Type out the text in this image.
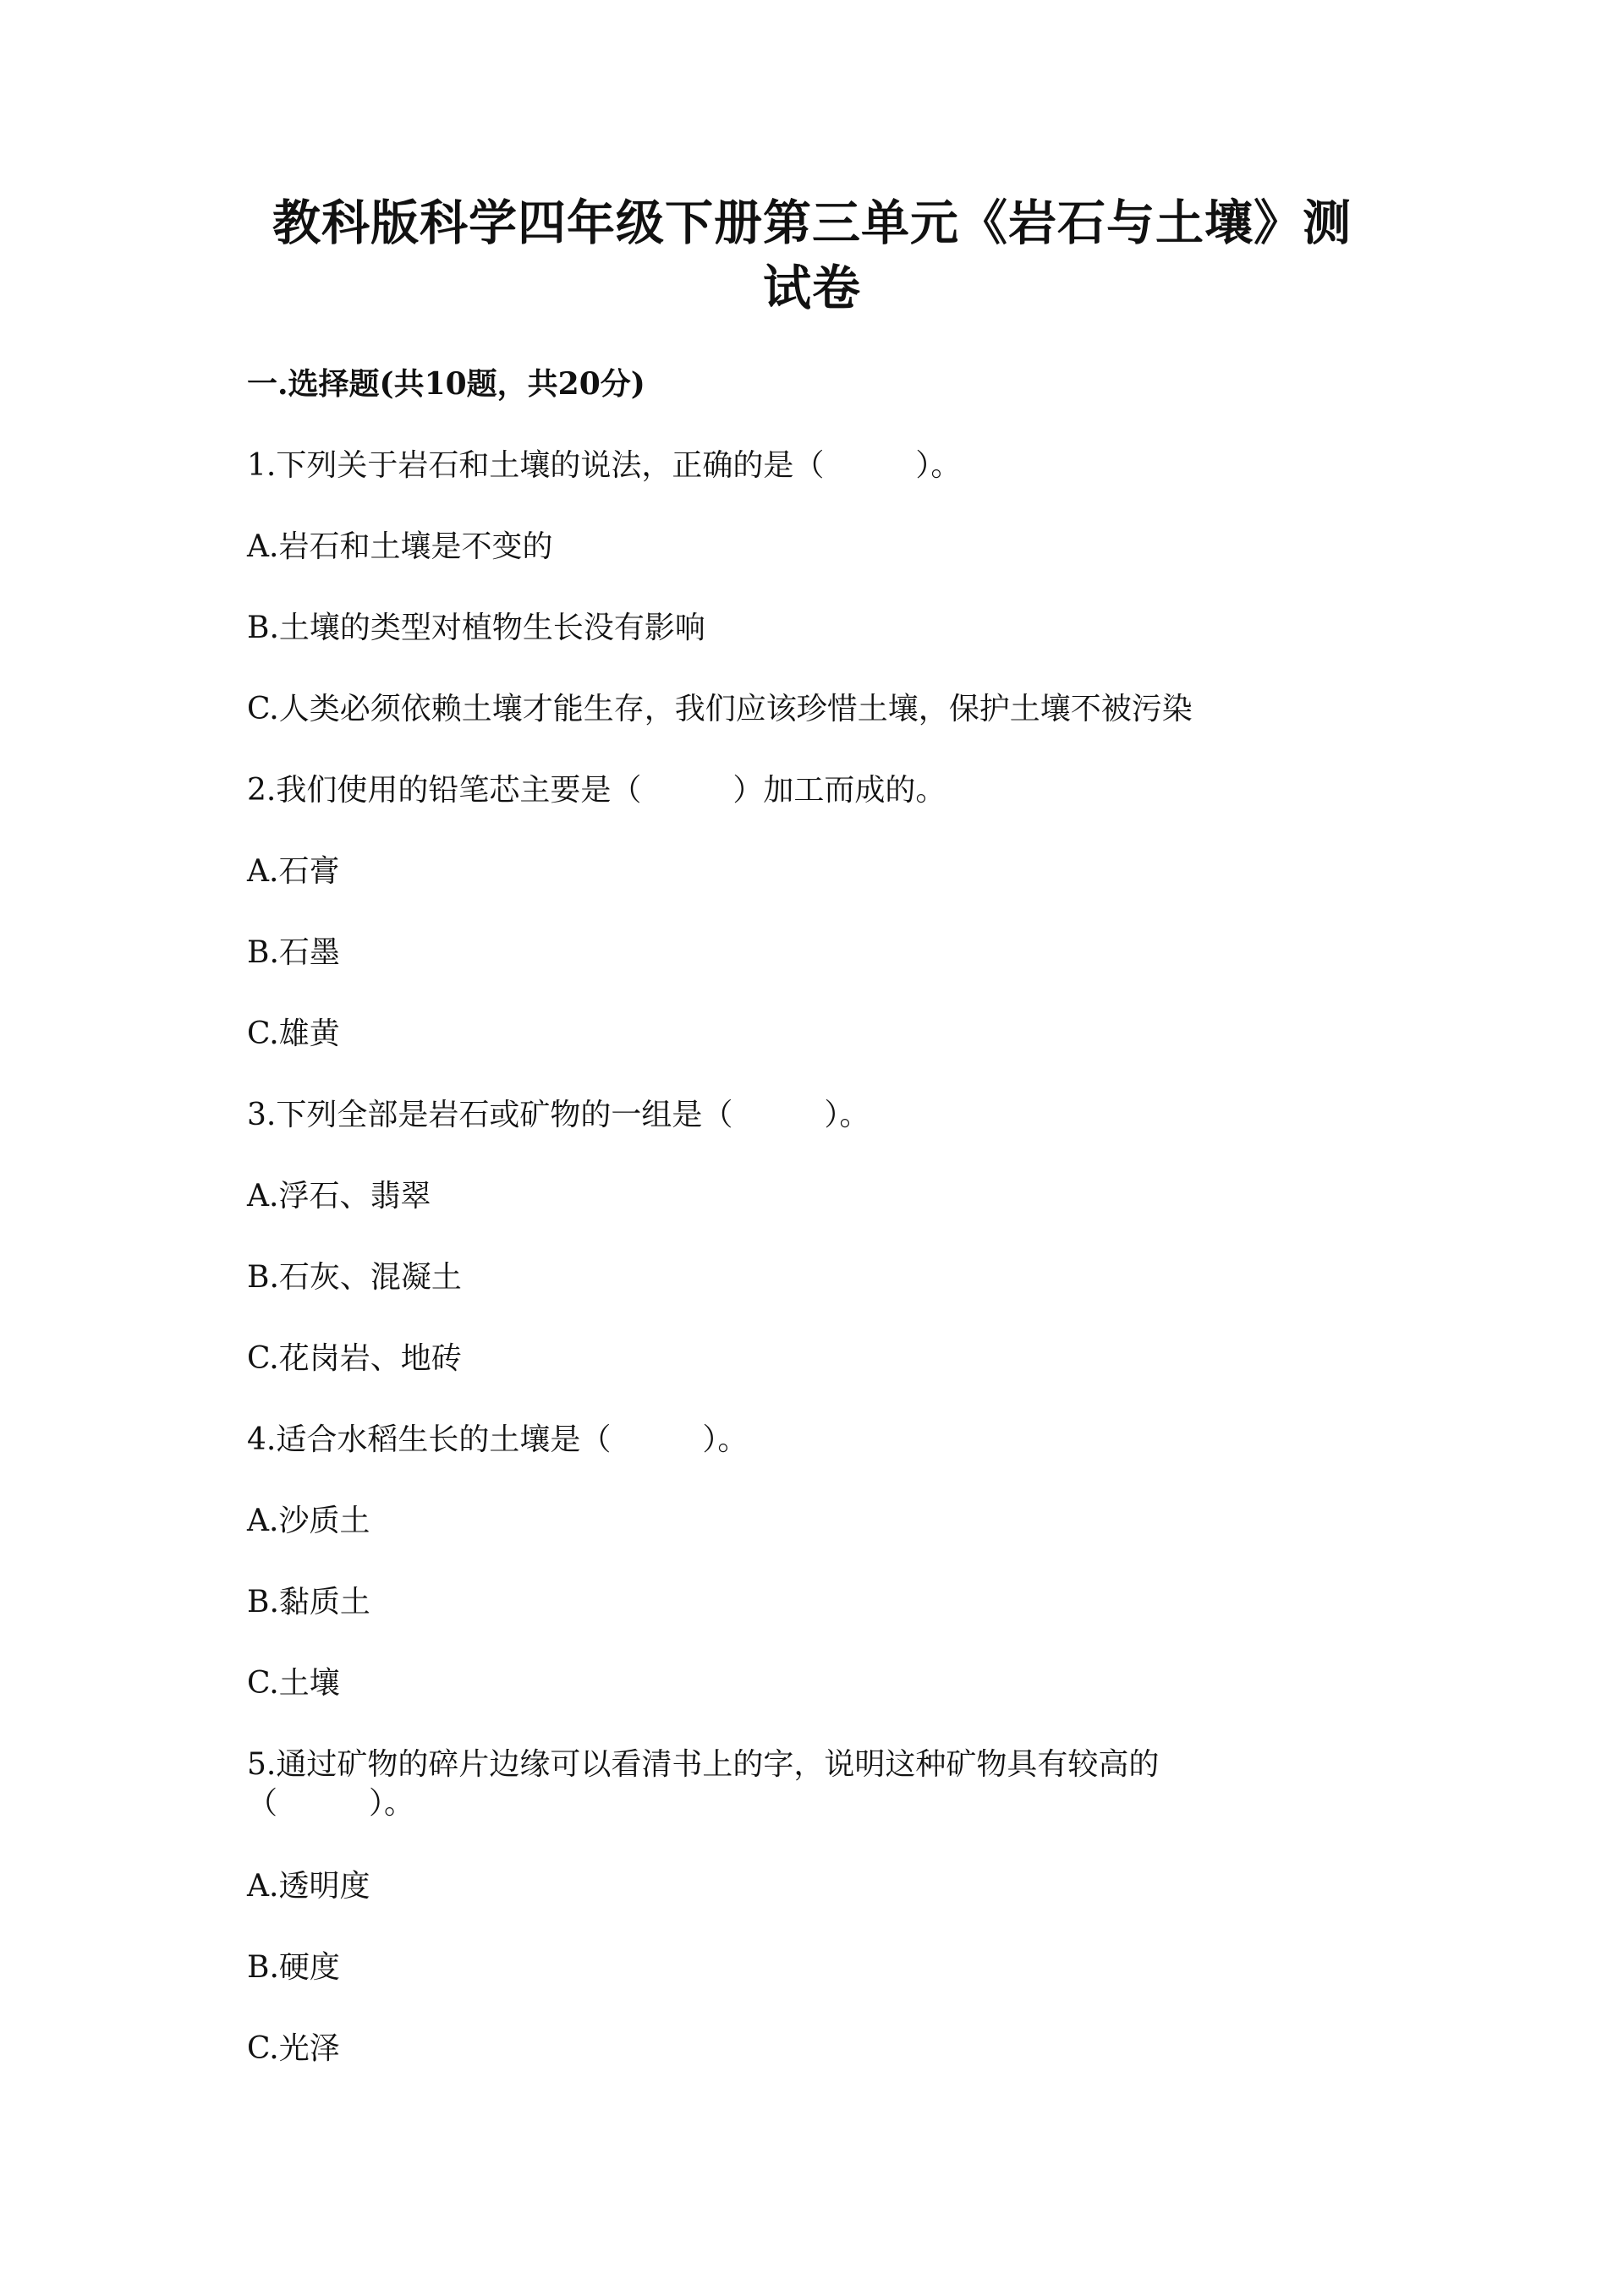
教科版科学四年级下册第三单元《岩石与土壤》测
试卷

一.选择题(共10题，共20分)

1.下列关于岩石和土壤的说法，正确的是（　　　）。

A.岩石和土壤是不变的

B.土壤的类型对植物生长没有影响

C.人类必须依赖土壤才能生存，我们应该珍惜土壤，保护土壤不被污染

2.我们使用的铅笔芯主要是（　　　）加工而成的。

A.石膏

B.石墨

C.雄黄

3.下列全部是岩石或矿物的一组是（　　　）。

A.浮石、翡翠

B.石灰、混凝土

C.花岗岩、地砖

4.适合水稻生长的土壤是（　　　）。

A.沙质土

B.黏质土

C.土壤

5.通过矿物的碎片边缘可以看清书上的字，说明这种矿物具有较高的

（　　　）。

A.透明度

B.硬度

C.光泽
